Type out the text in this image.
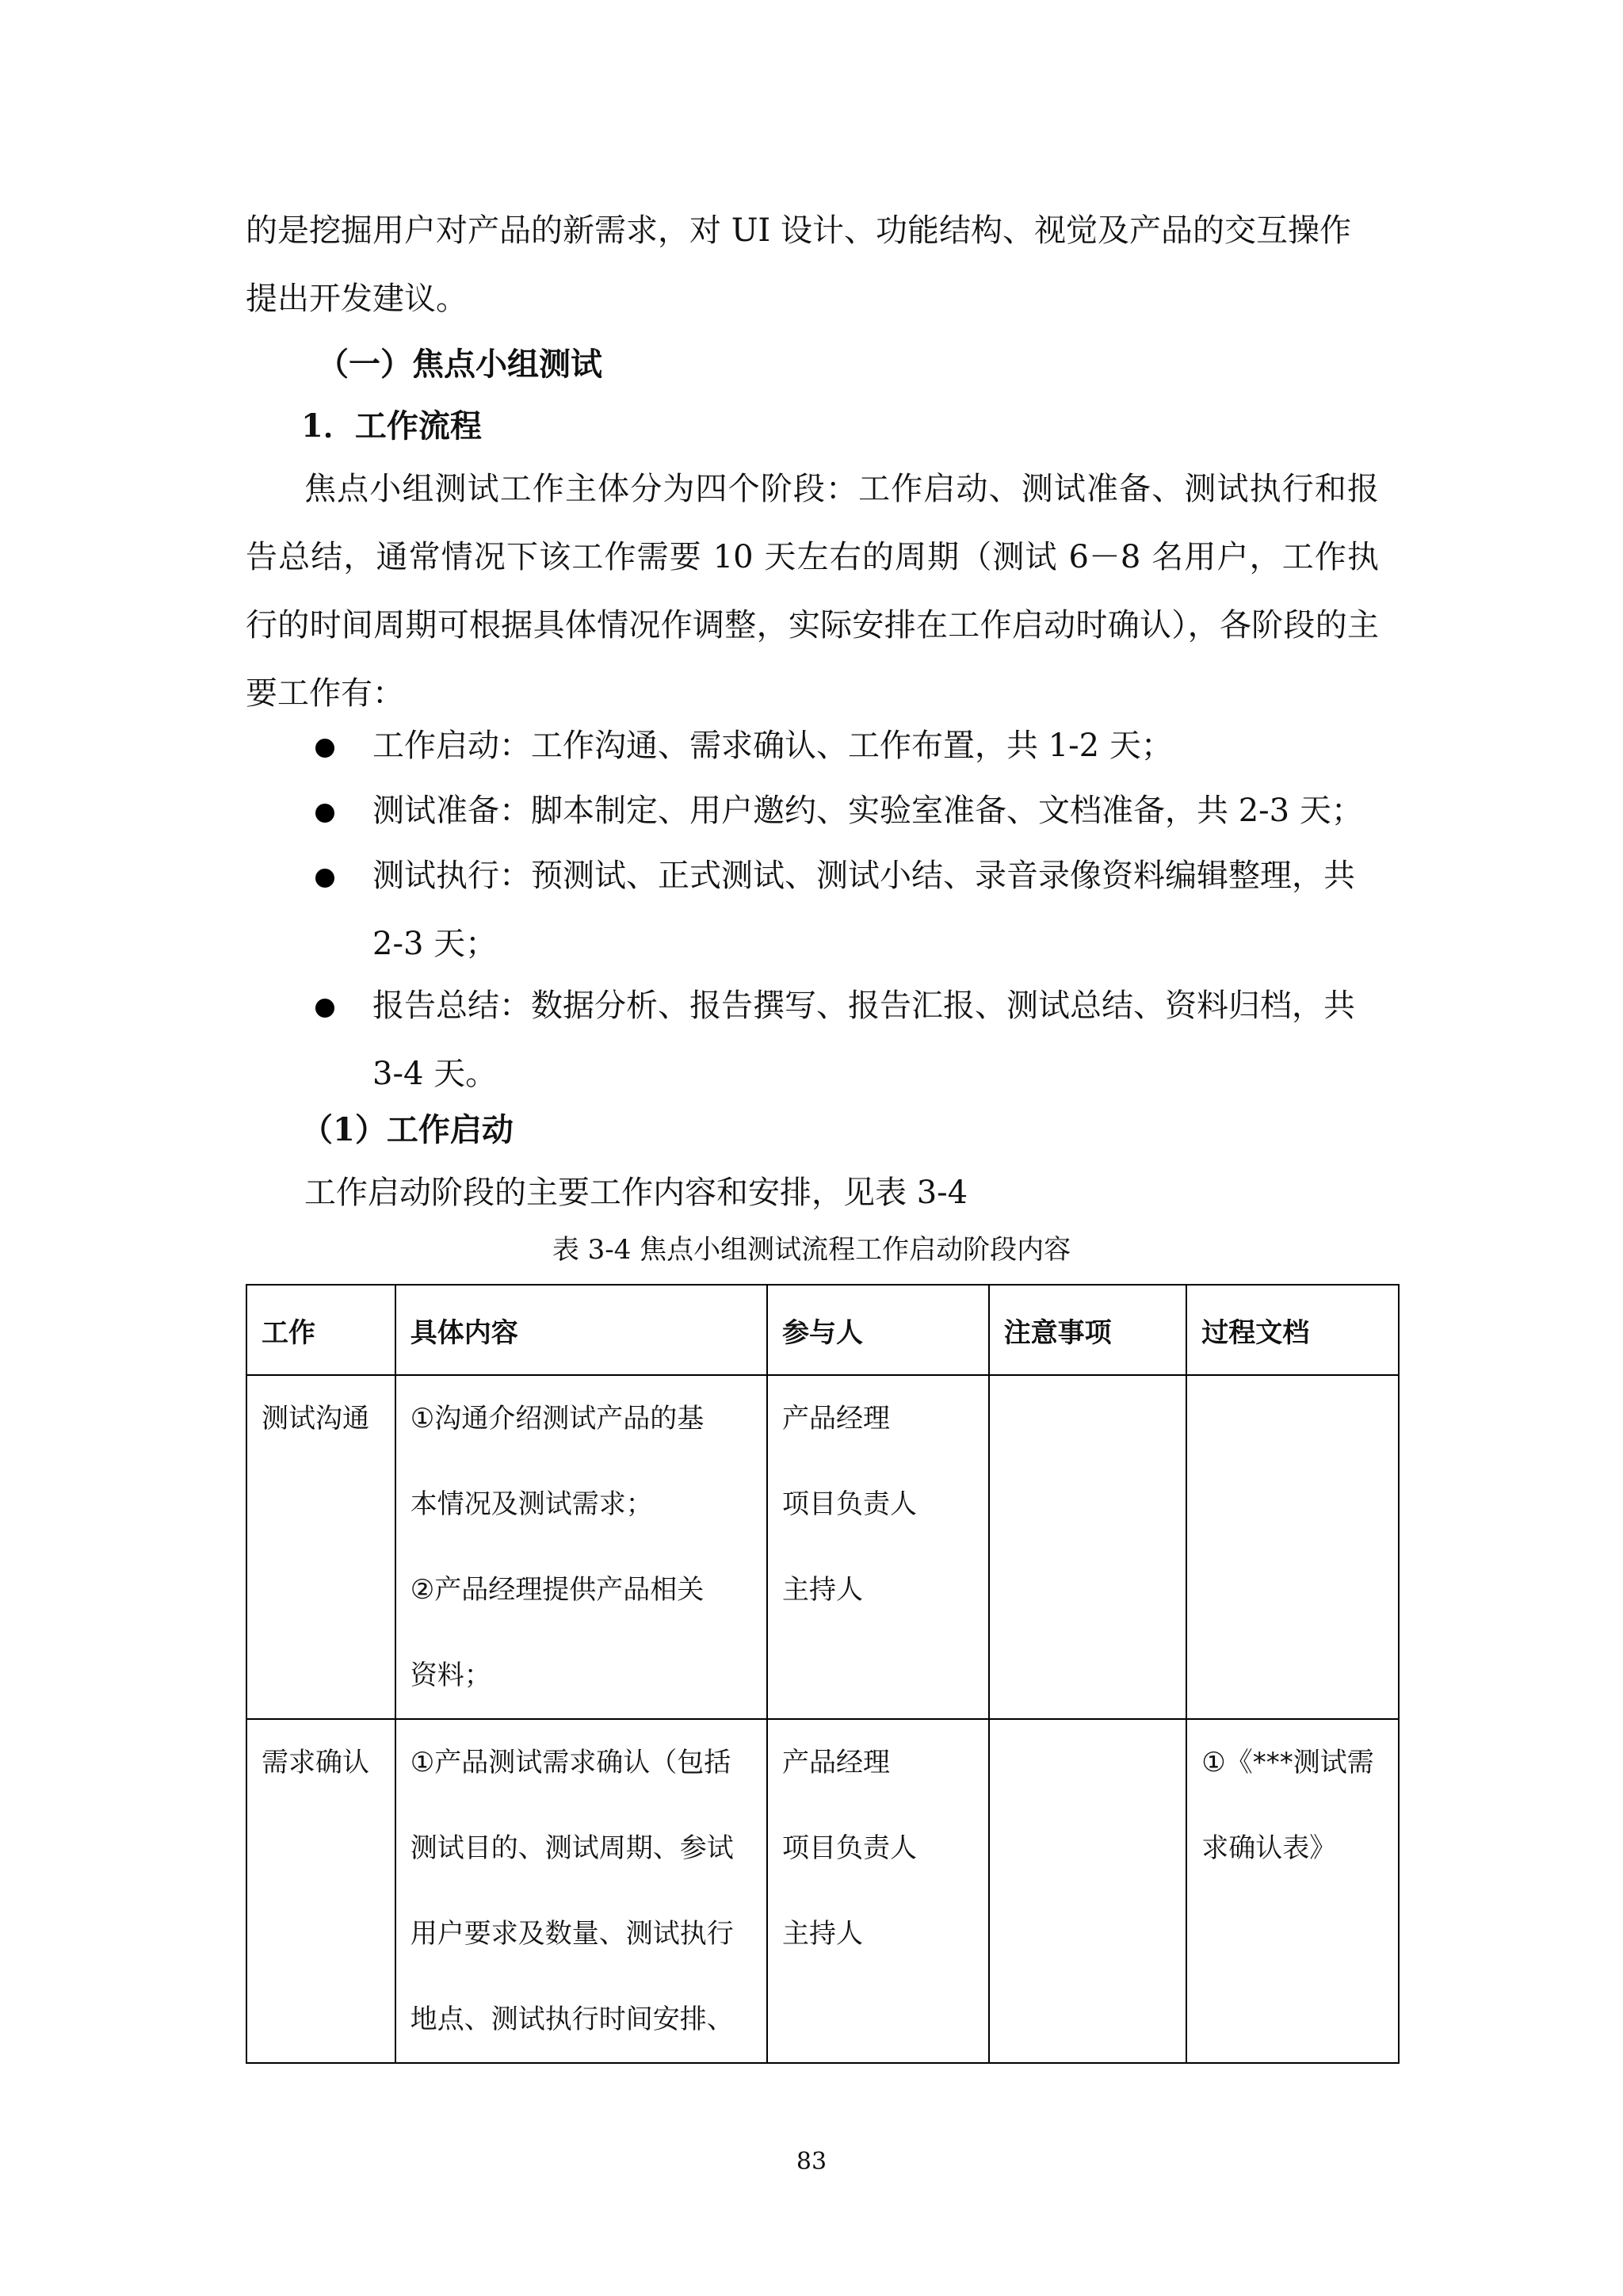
的是挖掘用户对产品的新需求，对 UI 设计、功能结构、视觉及产品的交互操作

提出开发建议。

（一）焦点小组测试
1．工作流程

焦点小组测试工作主体分为四个阶段：工作启动、测试准备、测试执行和报告总结，通常情况下该工作需要 10 天左右的周期（测试 6－8 名用户，工作执行的时间周期可根据具体情况作调整，实际安排在工作启动时确认），各阶段的主要工作有：

工作启动：工作沟通、需求确认、工作布置，共 1-2 天；
测试准备：脚本制定、用户邀约、实验室准备、文档准备，共 2-3 天；
测试执行：预测试、正式测试、测试小结、录音录像资料编辑整理，共 2-3 天；
报告总结：数据分析、报告撰写、报告汇报、测试总结、资料归档，共 3-4 天。
（1）工作启动

工作启动阶段的主要工作内容和安排，见表 3-4

表 3-4 焦点小组测试流程工作启动阶段内容
工作	具体内容	参与人	注意事项	过程文档

测试沟通	①沟通介绍测试产品的基
本情况及测试需求；
②产品经理提供产品相关
资料；	产品经理
项目负责人
主持人		

需求确认	①产品测试需求确认（包括
测试目的、测试周期、参试
用户要求及数量、测试执行
地点、测试执行时间安排、	产品经理
项目负责人
主持人		①《***测试需
求确认表》
83
